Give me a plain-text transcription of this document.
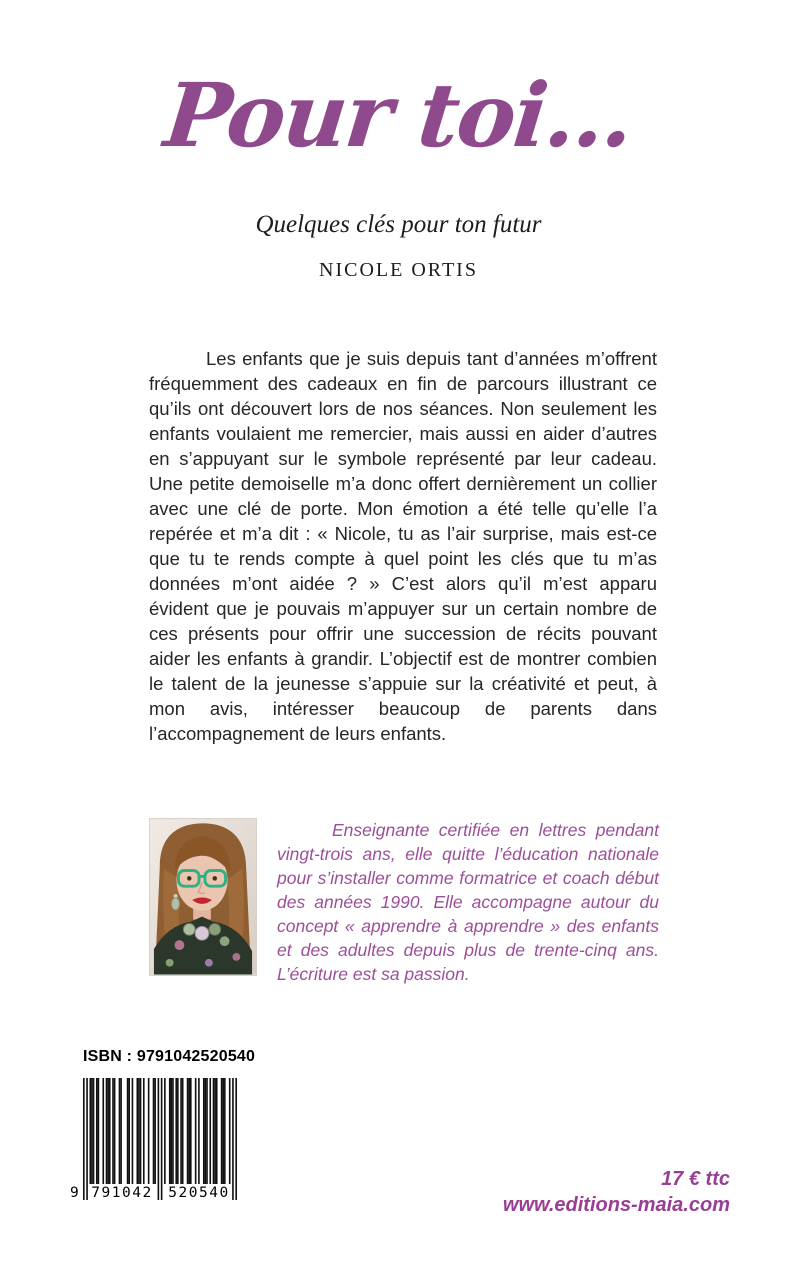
Pour toi...
Quelques clés pour ton futur
NICOLE ORTIS

Les enfants que je suis depuis tant d’années m’offrent fréquemment des cadeaux en fin de parcours illustrant ce qu’ils ont découvert lors de nos séances. Non seulement les enfants voulaient me remercier, mais aussi en aider d’autres en s’appuyant sur le symbole représenté par leur cadeau. Une petite demoiselle m’a donc offert dernièrement un collier avec une clé de porte. Mon émotion a été telle qu’elle l’a repérée et m’a dit : « Nicole, tu as l’air surprise, mais est-ce que tu te rends compte à quel point les clés que tu m’as données m’ont aidée ? » C’est alors qu’il m’est apparu évident que je pouvais m’appuyer sur un certain nombre de ces présents pour offrir une succession de récits pouvant aider les enfants à grandir. L’objectif est de montrer combien le talent de la jeunesse s’appuie sur la créativité et peut, à mon avis, intéresser beaucoup de parents dans l’accompagnement de leurs enfants.

Enseignante certifiée en lettres pendant vingt-trois ans, elle quitte l’éducation nationale pour s’installer comme formatrice et coach début des années 1990. Elle accompagne autour du concept « apprendre à apprendre » des enfants et des adultes depuis plus de trente-cinq ans. L’écriture est sa passion.

ISBN : 9791042520540
9 791042 520540
17 € ttc
www.editions-maia.com
